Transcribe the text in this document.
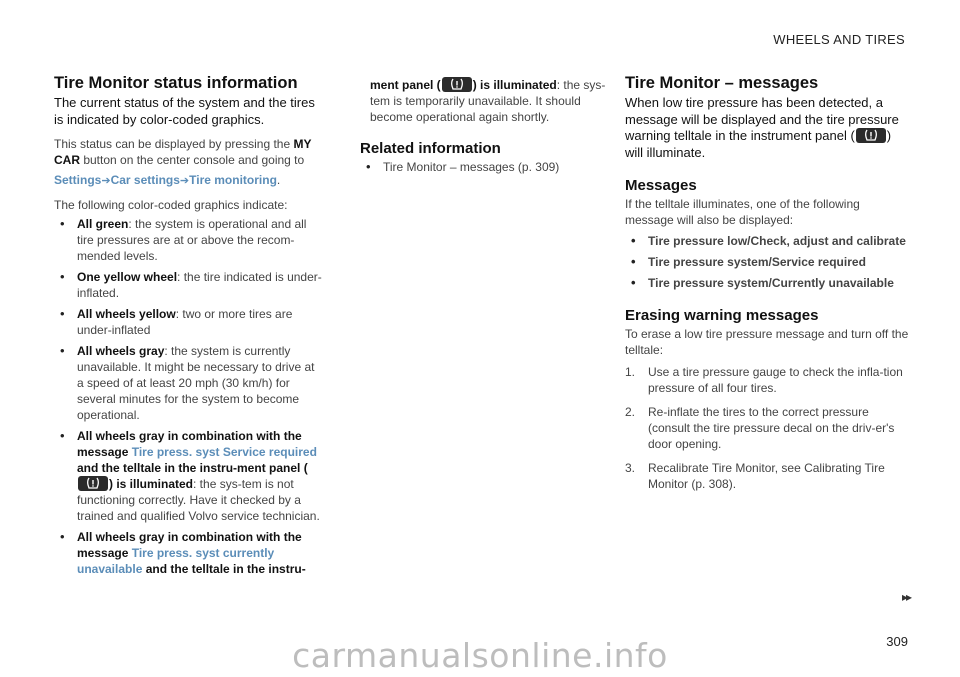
WHEELS AND TIRES
Tire Monitor status information

The current status of the system and the tires is indicated by color-coded graphics.

This status can be displayed by pressing the MY CAR button on the center console and going to

Settings➔Car settings➔Tire monitoring.

The following color-coded graphics indicate:

• All green: the system is operational and all tire pressures are at or above the recom-mended levels.
• One yellow wheel: the tire indicated is under-inflated.
• All wheels yellow: two or more tires are under-inflated
• All wheels gray: the system is currently unavailable. It might be necessary to drive at a speed of at least 20 mph (30 km/h) for several minutes for the system to become operational.
• All wheels gray in combination with the message Tire press. syst Service required and the telltale in the instru-ment panel (
) is illuminated: the sys-tem is not functioning correctly. Have it checked by a trained and qualified Volvo service technician.
• All wheels gray in combination with the message Tire press. syst currently unavailable and the telltale in the instru-

ment panel (	) is illuminated: the sys-tem is temporarily unavailable. It should become operational again shortly.

Related information
• Tire Monitor – messages (p. 309)
Tire Monitor – messages

When low tire pressure has been detected, a message will be displayed and the tire pressure warning telltale in the instrument panel ( ) will illuminate.

Messages

If the telltale illuminates, one of the following message will also be displayed:

• Tire pressure low/Check, adjust and calibrate
• Tire pressure system/Service required
• Tire pressure system/Currently unavailable
Erasing warning messages

To erase a low tire pressure message and turn off the telltale:

1. Use a tire pressure gauge to check the infla-tion pressure of all four tires.
2. Re-inflate the tires to the correct pressure (consult the tire pressure decal on the driv-er's door opening.
3. Recalibrate Tire Monitor, see Calibrating Tire Monitor (p. 308).
▸▸
309
carmanualsonline.info
